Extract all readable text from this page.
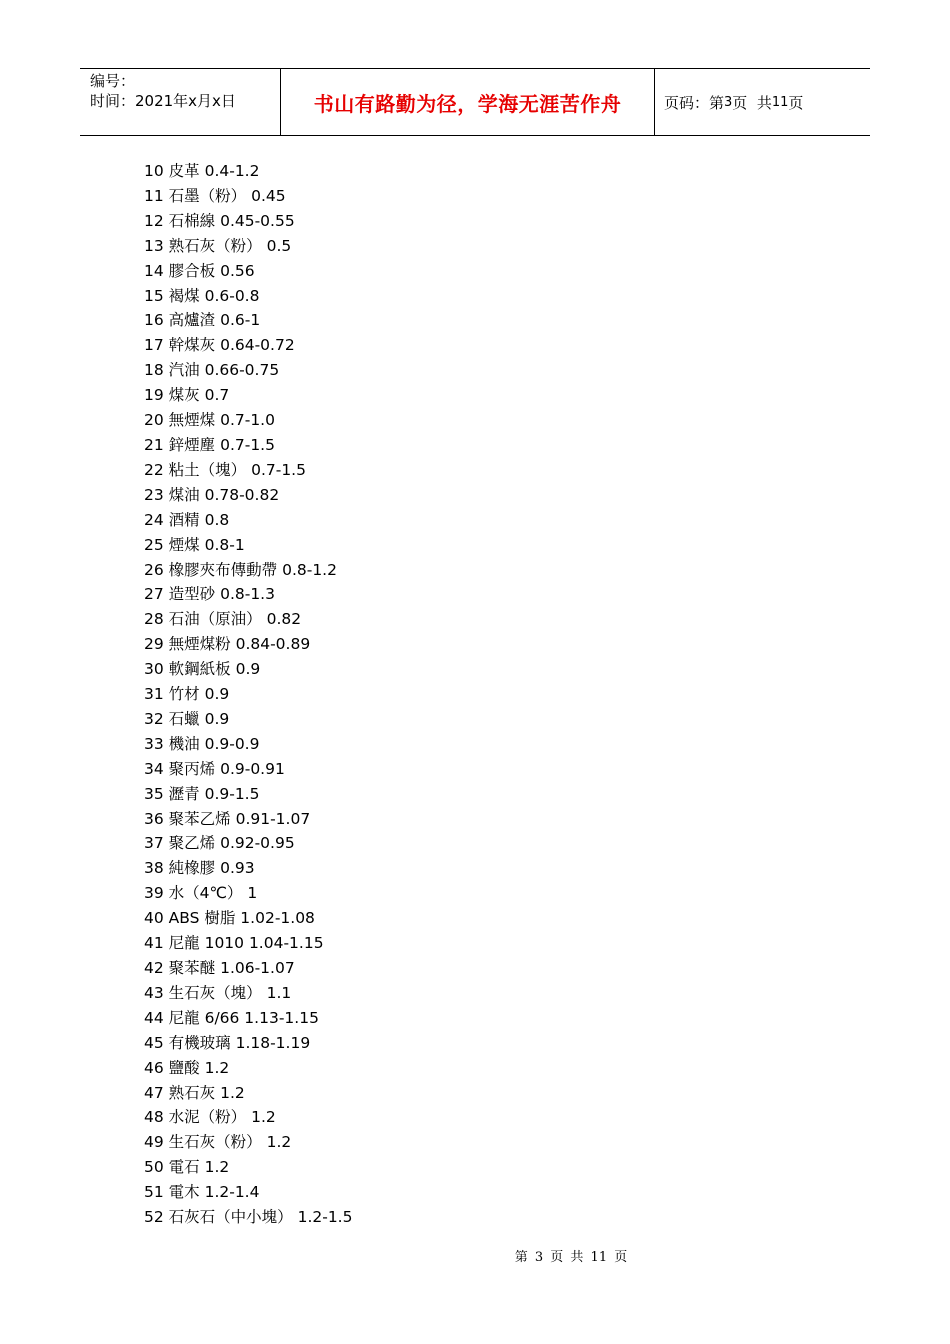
编号：
时间：2021年x月x日	书山有路勤为径，学海无涯苦作舟	页码：第 3 页  共 11 页
10 皮革 0.4-1.2
11 石墨（粉） 0.45
12 石棉線 0.45-0.55
13 熟石灰（粉） 0.5
14 膠合板 0.56
15 褐煤 0.6-0.8
16 高爐渣 0.6-1
17 幹煤灰 0.64-0.72
18 汽油 0.66-0.75
19 煤灰 0.7
20 無煙煤 0.7-1.0
21 鋅煙塵 0.7-1.5
22 粘土（塊） 0.7-1.5
23 煤油 0.78-0.82
24 酒精 0.8
25 煙煤 0.8-1
26 橡膠夾布傳動帶 0.8-1.2
27 造型砂 0.8-1.3
28 石油（原油） 0.82
29 無煙煤粉 0.84-0.89
30 軟鋼紙板 0.9
31 竹材 0.9
32 石蠟 0.9
33 機油 0.9-0.9
34 聚丙烯 0.9-0.91
35 瀝青 0.9-1.5
36 聚苯乙烯 0.91-1.07
37 聚乙烯 0.92-0.95
38 純橡膠 0.93
39 水（4℃） 1
40 ABS 樹脂 1.02-1.08
41 尼龍 1010 1.04-1.15
42 聚苯醚 1.06-1.07
43 生石灰（塊） 1.1
44 尼龍 6/66 1.13-1.15
45 有機玻璃 1.18-1.19
46 鹽酸 1.2
47 熟石灰 1.2
48 水泥（粉） 1.2
49 生石灰（粉） 1.2
50 電石 1.2
51 電木 1.2-1.4
52 石灰石（中小塊） 1.2-1.5
第 3 页 共 11 页
